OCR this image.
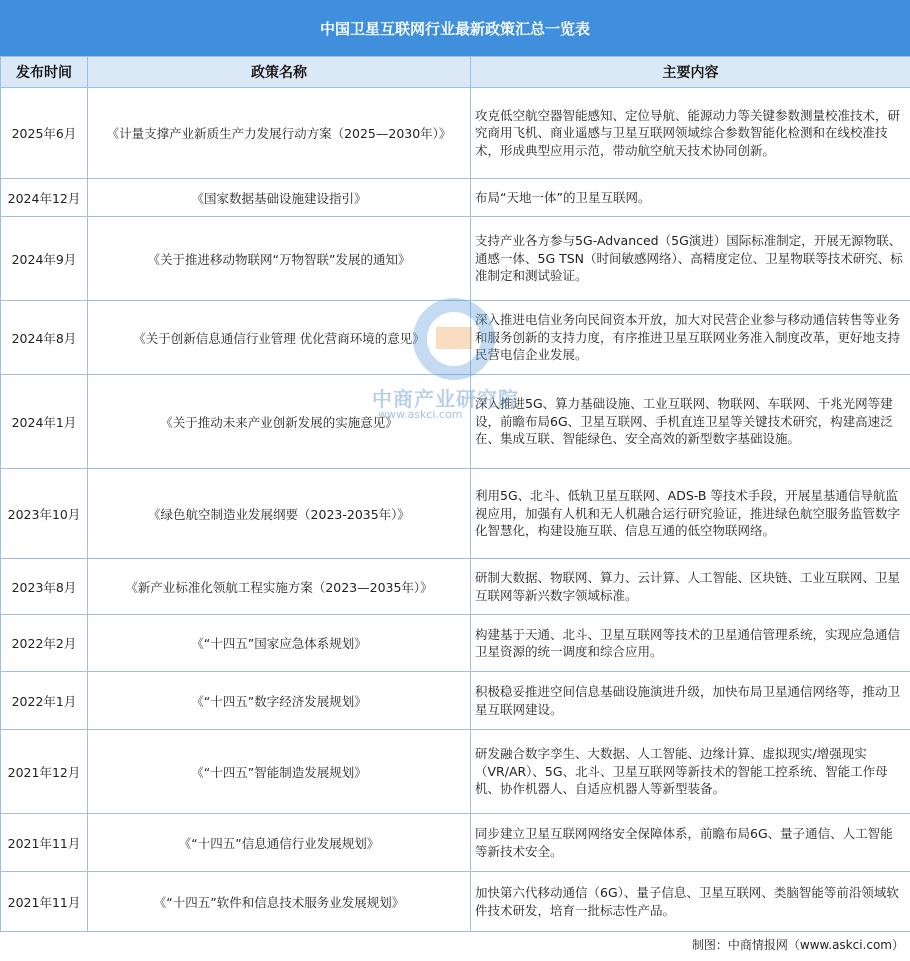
中国卫星互联网行业最新政策汇总一览表
发布时间	政策名称	主要内容
2025年6月	《计量支撑产业新质生产力发展行动方案（2025—2030年）》	攻克低空航空器智能感知、定位导航、能源动力等关键参数测量校准技术，研究商用飞机、商业遥感与卫星互联网领域综合参数智能化检测和在线校准技术，形成典型应用示范，带动航空航天技术协同创新。
2024年12月	《国家数据基础设施建设指引》	布局“天地一体”的卫星互联网。
2024年9月	《关于推进移动物联网“万物智联”发展的通知》	支持产业各方参与5G-Advanced（5G演进）国际标准制定，开展无源物联、通感一体、5G TSN（时间敏感网络）、高精度定位、卫星物联等技术研究、标准制定和测试验证。
2024年8月	《关于创新信息通信行业管理 优化营商环境的意见》	深入推进电信业务向民间资本开放，加大对民营企业参与移动通信转售等业务和服务创新的支持力度，有序推进卫星互联网业务准入制度改革，更好地支持民营电信企业发展。
2024年1月	《关于推动未来产业创新发展的实施意见》	深入推进5G、算力基础设施、工业互联网、物联网、车联网、千兆光网等建设，前瞻布局6G、卫星互联网、手机直连卫星等关键技术研究，构建高速泛在、集成互联、智能绿色、安全高效的新型数字基础设施。
2023年10月	《绿色航空制造业发展纲要（2023-2035年）》	利用5G、北斗、低轨卫星互联网、ADS-B 等技术手段，开展星基通信导航监视应用，加强有人机和无人机融合运行研究验证，推进绿色航空服务监管数字化智慧化，构建设施互联、信息互通的低空物联网络。
2023年8月	《新产业标准化领航工程实施方案（2023—2035年）》	研制大数据、物联网、算力、云计算、人工智能、区块链、工业互联网、卫星互联网等新兴数字领域标准。
2022年2月	《“十四五”国家应急体系规划》	构建基于天通、北斗、卫星互联网等技术的卫星通信管理系统，实现应急通信卫星资源的统一调度和综合应用。
2022年1月	《“十四五”数字经济发展规划》	积极稳妥推进空间信息基础设施演进升级，加快布局卫星通信网络等，推动卫星互联网建设。
2021年12月	《“十四五”智能制造发展规划》	研发融合数字孪生、大数据、人工智能、边缘计算、虚拟现实/增强现实（VR/AR）、5G、北斗、卫星互联网等新技术的智能工控系统、智能工作母机、协作机器人、自适应机器人等新型装备。
2021年11月	《“十四五”信息通信行业发展规划》	同步建立卫星互联网网络安全保障体系，前瞻布局6G、量子通信、人工智能等新技术安全。
2021年11月	《“十四五”软件和信息技术服务业发展规划》	加快第六代移动通信（6G）、量子信息、卫星互联网、类脑智能等前沿领域软件技术研发，培育一批标志性产品。
中商产业研究院
www.askci.com
制图：中商情报网（www.askci.com）
